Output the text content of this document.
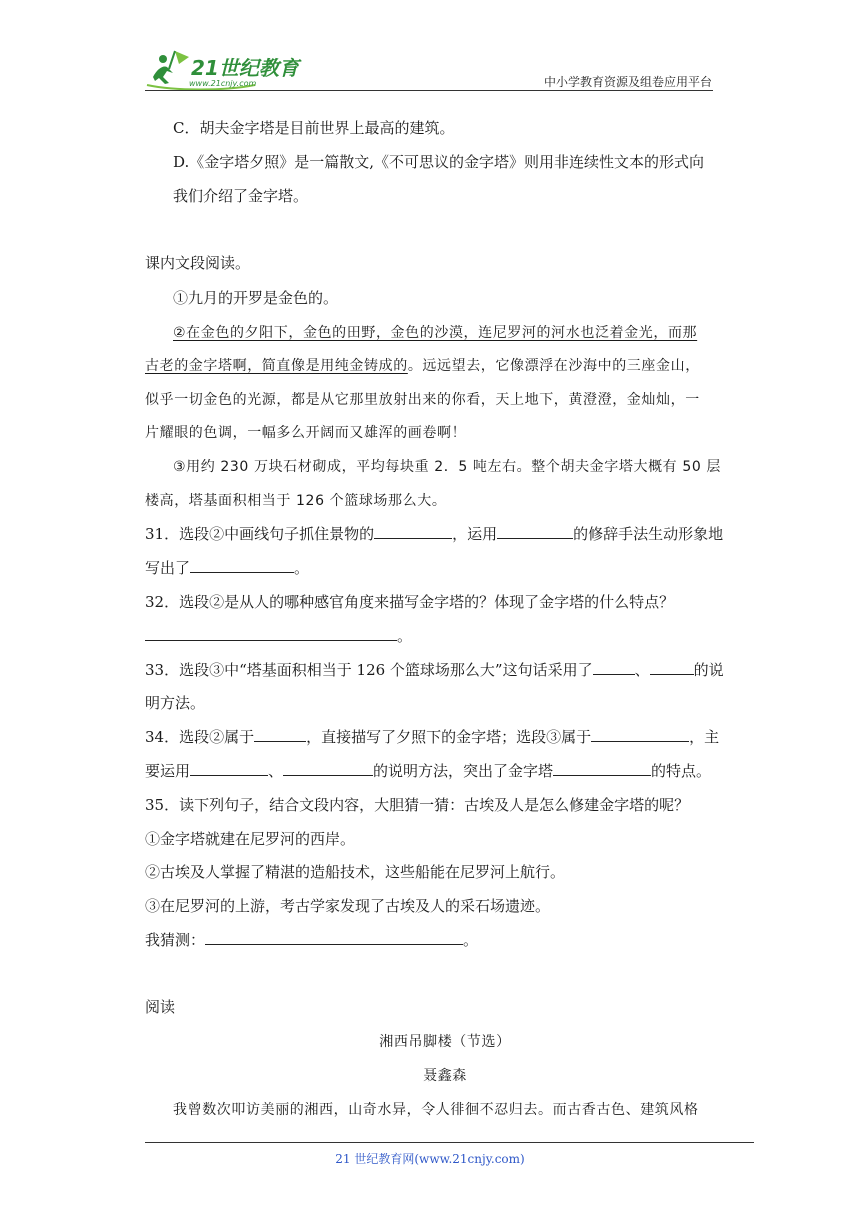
21世纪教育
www.21cnjy.com	中小学教育资源及组卷应用平台
C．胡夫金字塔是目前世界上最高的建筑。
D.《金字塔夕照》是一篇散文,《不可思议的金字塔》则用非连续性文本的形式向
我们介绍了金字塔。
课内文段阅读。
①九月的开罗是金色的。
②在金色的夕阳下，金色的田野，金色的沙漠，连尼罗河的河水也泛着金光，而那
古老的金字塔啊，简直像是用纯金铸成的。远远望去，它像漂浮在沙海中的三座金山，
似乎一切金色的光源，都是从它那里放射出来的你看，天上地下，黄澄澄，金灿灿，一
片耀眼的色调，一幅多么开阔而又雄浑的画卷啊！
③用约 230 万块石材砌成，平均每块重 2．5 吨左右。整个胡夫金字塔大概有 50 层
楼高，塔基面积相当于 126 个篮球场那么大。
31．选段②中画线句子抓住景物的	，运用	的修辞手法生动形象地
写出了	。
32．选段②是从人的哪种感官角度来描写金字塔的？体现了金字塔的什么特点？
。
33．选段③中“塔基面积相当于 126 个篮球场那么大”这句话采用了	、	的说
明方法。
34．选段②属于	，直接描写了夕照下的金字塔；选段③属于	，主
要运用	、	的说明方法，突出了金字塔	的特点。
35．读下列句子，结合文段内容，大胆猜一猜：古埃及人是怎么修建金字塔的呢？
①金字塔就建在尼罗河的西岸。
②古埃及人掌握了精湛的造船技术，这些船能在尼罗河上航行。
③在尼罗河的上游，考古学家发现了古埃及人的采石场遗迹。
我猜测：	。
阅读
湘西吊脚楼（节选）
聂鑫森
我曾数次叩访美丽的湘西，山奇水异，令人徘徊不忍归去。而古香古色、建筑风格
21 世纪教育网(www.21cnjy.com)
